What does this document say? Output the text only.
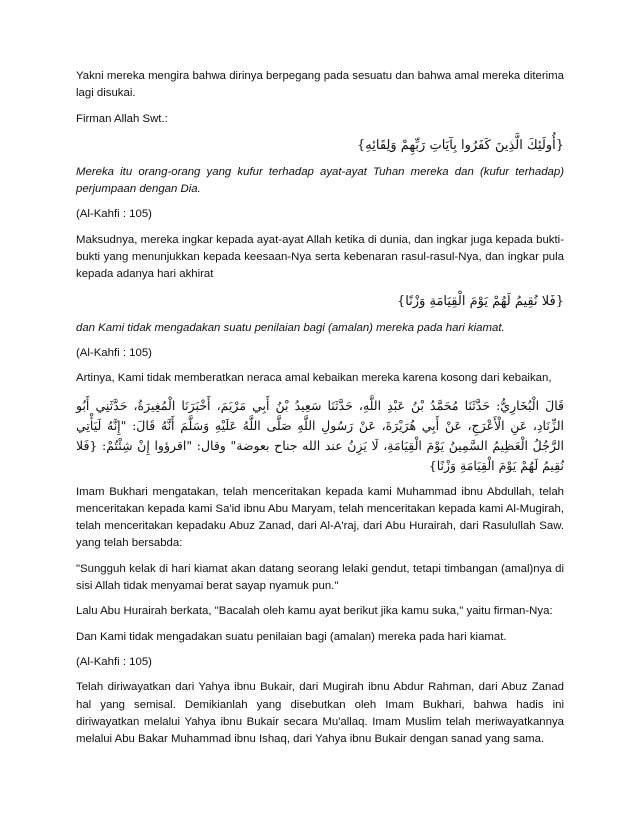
Yakni mereka mengira bahwa dirinya berpegang pada sesuatu dan bahwa amal mereka diterima lagi disukai.

Firman Allah Swt.:

{أُولَئِكَ الَّذِينَ كَفَرُوا بِآيَاتِ رَبِّهِمْ وَلِقَائِهِ}

Mereka itu orang-orang yang kufur terhadap ayat-ayat Tuhan mereka dan (kufur terhadap) perjumpaan dengan Dia.

(Al-Kahfi : 105)

Maksudnya, mereka ingkar kepada ayat-ayat Allah ketika di dunia, dan ingkar juga kepada bukti-bukti yang menunjukkan kepada keesaan-Nya serta kebenaran rasul-rasul-Nya, dan ingkar pula kepada adanya hari akhirat

{فَلا نُقِيمُ لَهُمْ يَوْمَ الْقِيَامَةِ وَزْنًا}

dan Kami tidak mengadakan suatu penilaian bagi (amalan) mereka pada hari kiamat.

(Al-Kahfi : 105)

Artinya, Kami tidak memberatkan neraca amal kebaikan mereka karena kosong dari kebaikan,

قَالَ الْبُخَارِيُّ: حَدَّثَنَا مُحَمَّدُ بْنُ عَبْدِ اللَّهِ، حَدَّثَنَا سَعِيدُ بْنُ أَبِي مَرْيَمَ، أَخْبَرَنَا الْمُغِيرَةُ، حَدَّثَنِي أَبُو الزِّنَادِ، عَنِ الْأَعْرَجِ، عَنْ أَبِي هُرَيْرَةَ، عَنْ رَسُولِ اللَّهِ صَلَّى اللَّهُ عَلَيْهِ وَسَلَّمَ أَنَّهُ قَالَ: "إِنَّهُ لَيَأْتِي الرَّجُلُ الْعَظِيمُ السَّمِينُ يَوْمَ الْقِيَامَةِ، لَا يَزِنُ عند الله جناح بعوضة" وقال: "اقرؤوا إِنْ شِئْتُمْ: {فَلا نُقِيمُ لَهُمْ يَوْمَ الْقِيَامَةِ وَزْنًا}

Imam Bukhari mengatakan, telah menceritakan kepada kami Muhammad ibnu Abdullah, telah menceritakan kepada kami Sa'id ibnu Abu Maryam, telah menceritakan kepada kami Al-Mugirah, telah menceritakan kepadaku Abuz Zanad, dari Al-A'raj, dari Abu Hurairah, dari Rasulullah Saw. yang telah bersabda:

"Sungguh kelak di hari kiamat akan datang seorang lelaki gendut, tetapi timbangan (amal)nya di sisi Allah tidak menyamai berat sayap nyamuk pun."

Lalu Abu Hurairah berkata, "Bacalah oleh kamu ayat berikut jika kamu suka," yaitu firman-Nya:

Dan Kami tidak mengadakan suatu penilaian bagi (amalan) mereka pada hari kiamat.

(Al-Kahfi : 105)

Telah diriwayatkan dari Yahya ibnu Bukair, dari Mugirah ibnu Abdur Rahman, dari Abuz Zanad hal yang semisal. Demikianlah yang disebutkan oleh Imam Bukhari, bahwa hadis ini diriwayatkan melalui Yahya ibnu Bukair secara Mu'allaq. Imam Muslim telah meriwayatkannya melalui Abu Bakar Muhammad ibnu Ishaq, dari Yahya ibnu Bukair dengan sanad yang sama.
